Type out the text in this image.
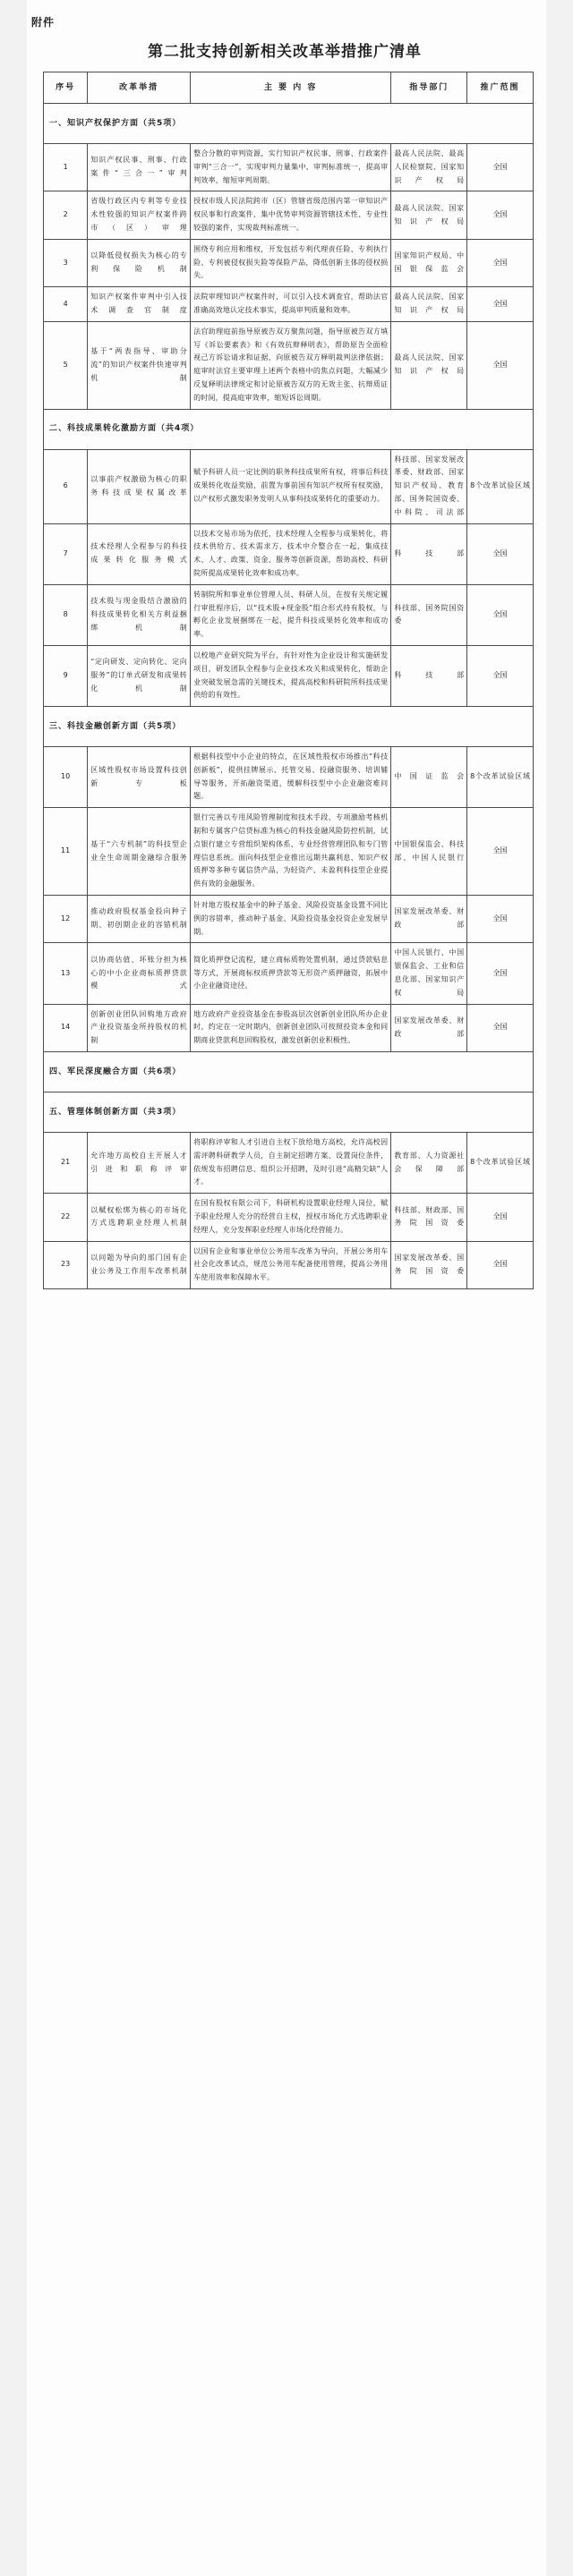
附件
第二批支持创新相关改革举措推广清单
序号	改革举措	主 要 内 容	指导部门	推广范围
一、知识产权保护方面（共5项）				
1	知识产权民事、刑事、行政案件“三合一”审判	整合分散的审判资源，实行知识产权民事、刑事、行政案件审判“三合一”，实现审判力量集中、审判标准统一，提高审判效率，缩短审判周期。	最高人民法院、最高人民检察院、国家知识产权局	全国
2	省级行政区内专利等专业技术性较强的知识产权案件跨市（区）审理	授权市级人民法院跨市（区）管辖省级范围内第一审知识产权民事和行政案件，集中优势审判资源管辖技术性、专业性较强的案件，实现裁判标准统一。	最高人民法院、国家知识产权局	全国
3	以降低侵权损失为核心的专利保险机制	围绕专利应用和维权，开发包括专利代理责任险、专利执行险、专利被侵权损失险等保险产品，降低创新主体的侵权损失。	国家知识产权局、中国银保监会	全国
4	知识产权案件审判中引入技术调查官制度	法院审理知识产权案件时，可以引入技术调查官，帮助法官准确高效地认定技术事实，提高审判质量和效率。	最高人民法院、国家知识产权局	全国
5	基于“两表指导、审助分流”的知识产权案件快速审判机制	法官助理庭前指导原被告双方聚焦问题，指导原被告双方填写《诉讼要素表》和《有效抗辩释明表》，帮助原告全面检视己方诉讼请求和证据，向原被告双方释明裁判法律依据；庭审时法官主要审理上述两个表格中的焦点问题，大幅减少反复释明法律规定和讨论原被告双方的无效主张、抗辩质证的时间，提高庭审效率，缩短诉讼周期。	最高人民法院、国家知识产权局	全国
二、科技成果转化激励方面（共4项）				
6	以事前产权激励为核心的职务科技成果权属改革	赋予科研人员一定比例的职务科技成果所有权，将事后科技成果转化收益奖励，前置为事前国有知识产权所有权奖励，以产权形式激发职务发明人从事科技成果转化的重要动力。	科技部、国家发展改革委、财政部、国家知识产权局、教育部、国务院国资委、中科院、司法部	8个改革试验区域
7	技术经理人全程参与的科技成果转化服务模式	以技术交易市场为依托，技术经理人全程参与成果转化，将技术供给方、技术需求方、技术中介整合在一起，集成技术、人才、政策、资金、服务等创新资源，帮助高校、科研院所提高成果转化效率和成功率。	科技部	全国
8	技术股与现金股结合激励的科技成果转化相关方利益捆绑机制	转制院所和事业单位管理人员、科研人员，在按有关规定履行审批程序后，以“技术股+现金股”组合形式持有股权，与孵化企业发展捆绑在一起，提升科技成果转化效率和成功率。	科技部、国务院国资委	全国
9	“定向研发、定向转化、定向服务”的订单式研发和成果转化机制	以校地产业研究院为平台，有针对性为企业设计和实施研发项目，研发团队全程参与企业技术攻关和成果转化，帮助企业突破发展急需的关键技术，提高高校和科研院所科技成果供给的有效性。	科技部	全国
三、科技金融创新方面（共5项）				
10	区域性股权市场设置科技创新专板	根据科技型中小企业的特点，在区域性股权市场推出“科技创新板”，提供挂牌展示、托管交易、投融资服务、培训辅导等服务，开拓融资渠道，缓解科技型中小企业融资难问题。	中国证监会	8个改革试验区域
11	基于“六专机制”的科技型企业全生命周期金融综合服务	银行完善以专用风险管理制度和技术手段、专项激励考核机制和专属客户信贷标准为核心的科技金融风险防控机制，试点银行建立专营组织架构体系、专业经营管理团队和专门管理信息系统。面向科技型企业推出远期共赢利息、知识产权质押等多种专属信贷产品，为轻资产、未盈利科技型企业提供有效的金融服务。	中国银保监会、科技部、中国人民银行	全国
12	推动政府股权基金投向种子期、初创期企业的容错机制	针对地方股权基金中的种子基金、风险投资基金设置不同比例的容错率，推动种子基金、风险投资基金投资企业发展早期。	国家发展改革委、财政部	全国
13	以协商估值、坏账分担为核心的中小企业商标质押贷款模式	简化质押登记流程，建立商标质物处置机制，通过贷款贴息等方式，开展商标权质押贷款等无形资产质押融资，拓展中小企业融资途径。	中国人民银行、中国银保监会、工业和信息化部、国家知识产权局	全国
14	创新创业团队回购地方政府产业投资基金所持股权的机制	地方政府产业投资基金在参股高层次创新创业团队所办企业时，约定在一定时期内，创新创业团队可按照投资本金和同期商业贷款利息回购股权，激发创新创业积极性。	国家发展改革委、财政部	全国
四、军民深度融合方面（共6项）				
五、管理体制创新方面（共3项）				
21	允许地方高校自主开展人才引进和职称评审	将职称评审和人才引进自主权下放给地方高校，允许高校因需评聘科研教学人员，自主制定招聘方案、设置岗位条件，依规发布招聘信息、组织公开招聘，及时引进“高精尖缺”人才。	教育部、人力资源社会保障部	8个改革试验区域
22	以赋权松绑为核心的市场化方式选聘职业经理人机制	在国有股权有限公司下，科研机构设置职业经理人岗位，赋予职业经理人充分的经营自主权，授权市场化方式选聘职业经理人，充分发挥职业经理人市场化经营能力。	科技部、财政部、国务院国资委	全国
23	以问题为导向的部门国有企业公务及工作用车改革机制	以国有企业和事业单位公务用车改革为导向，开展公务用车社会化改革试点，规范公务用车配备使用管理，提高公务用车使用效率和保障水平。	国家发展改革委、国务院国资委	全国
